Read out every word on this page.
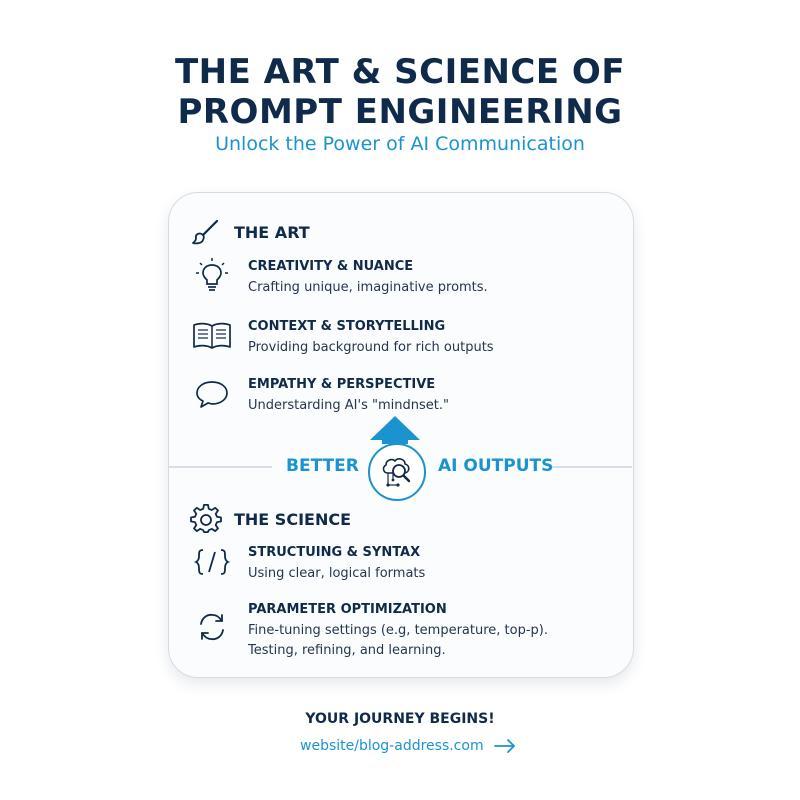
THE ART & SCIENCE OF
PROMPT ENGINEERING
Unlock the Power of AI Communication
THE ART
CREATIVITY & NUANCE
Crafting unique, imaginative promts.
CONTEXT & STORYTELLING
Providing background for rich outputs
EMPATHY & PERSPECTIVE
Understarding AI's "mindnset."
BETTER	AI OUTPUTS
THE SCIENCE
STRUCTUING & SYNTAX
Using clear, logical formats
PARAMETER OPTIMIZATION
Fine-tuning settings (e.g, temperature, top-p).
Testing, refining, and learning.
YOUR JOURNEY BEGINS!
website/blog-address.com
